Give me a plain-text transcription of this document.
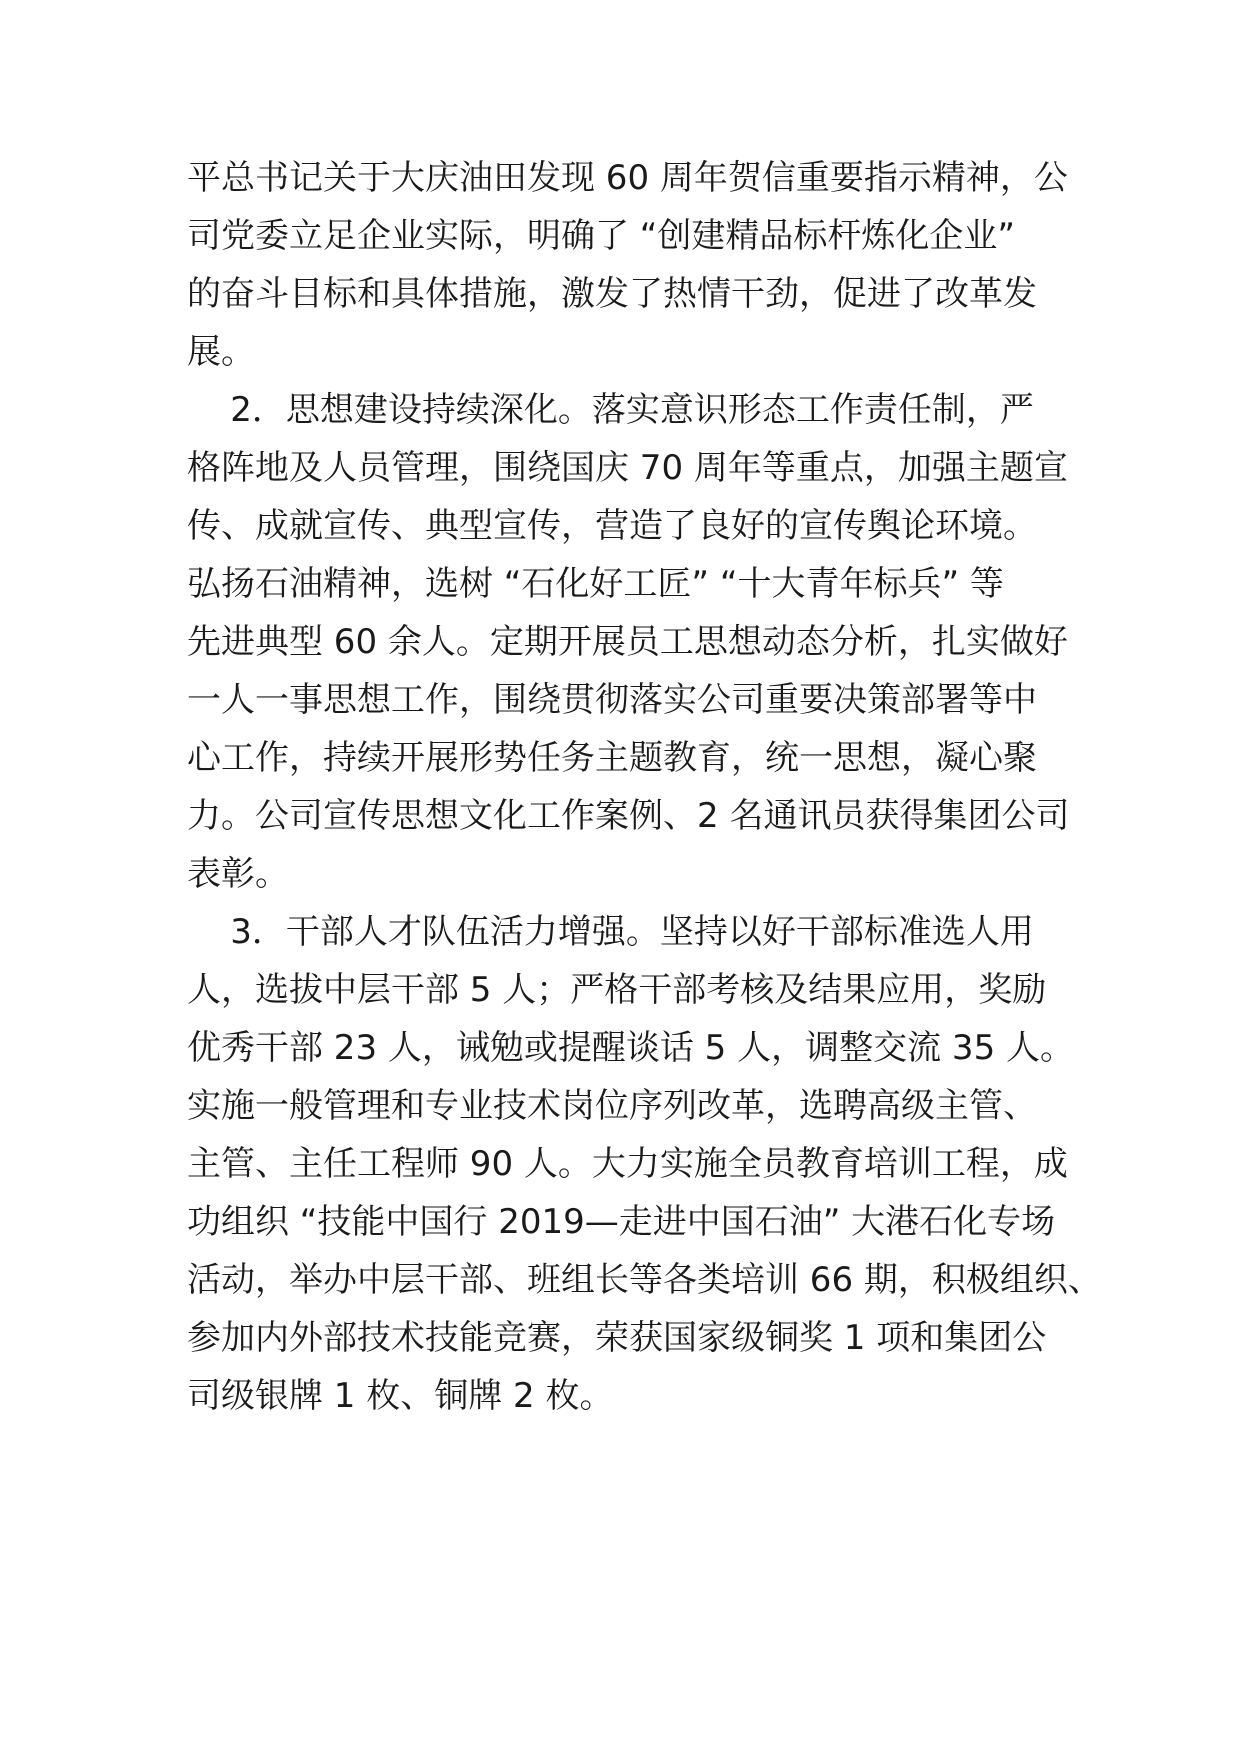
平总书记关于大庆油田发现 60 周年贺信重要指示精神，公

司党委立足企业实际，明确了 “创建精品标杆炼化企业”

的奋斗目标和具体措施，激发了热情干劲，促进了改革发

展。

2．思想建设持续深化。落实意识形态工作责任制，严

格阵地及人员管理，围绕国庆 70 周年等重点，加强主题宣

传、成就宣传、典型宣传，营造了良好的宣传舆论环境。

弘扬石油精神，选树 “石化好工匠” “十大青年标兵” 等

先进典型 60 余人。定期开展员工思想动态分析，扎实做好

一人一事思想工作，围绕贯彻落实公司重要决策部署等中

心工作，持续开展形势任务主题教育，统一思想，凝心聚

力。公司宣传思想文化工作案例、2 名通讯员获得集团公司

表彰。

3．干部人才队伍活力增强。坚持以好干部标准选人用

人，选拔中层干部 5 人；严格干部考核及结果应用，奖励

优秀干部 23 人，诫勉或提醒谈话 5 人，调整交流 35 人。

实施一般管理和专业技术岗位序列改革，选聘高级主管、

主管、主任工程师 90 人。大力实施全员教育培训工程，成

功组织 “技能中国行 2019—走进中国石油” 大港石化专场

活动，举办中层干部、班组长等各类培训 66 期，积极组织、

参加内外部技术技能竞赛，荣获国家级铜奖 1 项和集团公

司级银牌 1 枚、铜牌 2 枚。
